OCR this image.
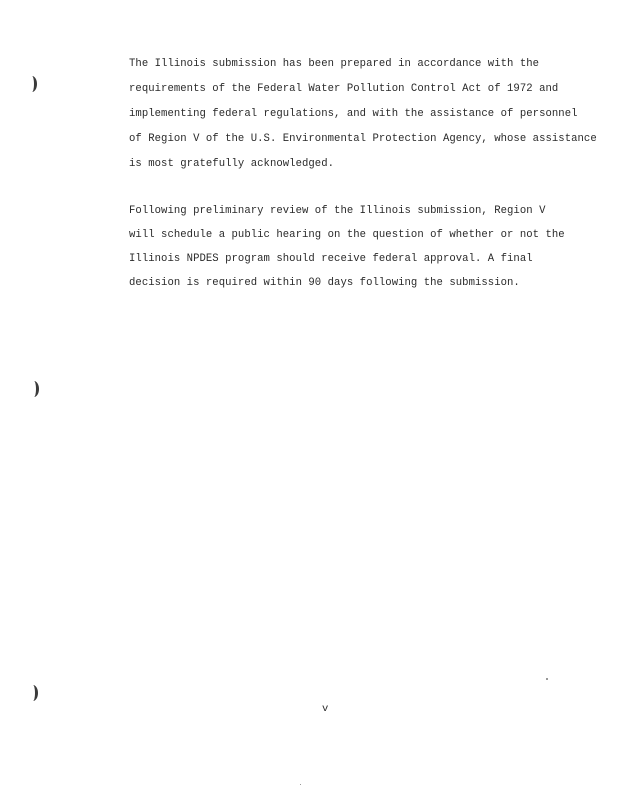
The Illinois submission has been prepared in accordance with the
requirements of the Federal Water Pollution Control Act of 1972 and
implementing federal regulations, and with the assistance of personnel
of Region V of the U.S. Environmental Protection Agency, whose assistance
is most gratefully acknowledged.
Following preliminary review of the Illinois submission, Region V
will schedule a public hearing on the question of whether or not the
Illinois NPDES program should receive federal approval. A final
decision is required within 90 days following the submission.
v
